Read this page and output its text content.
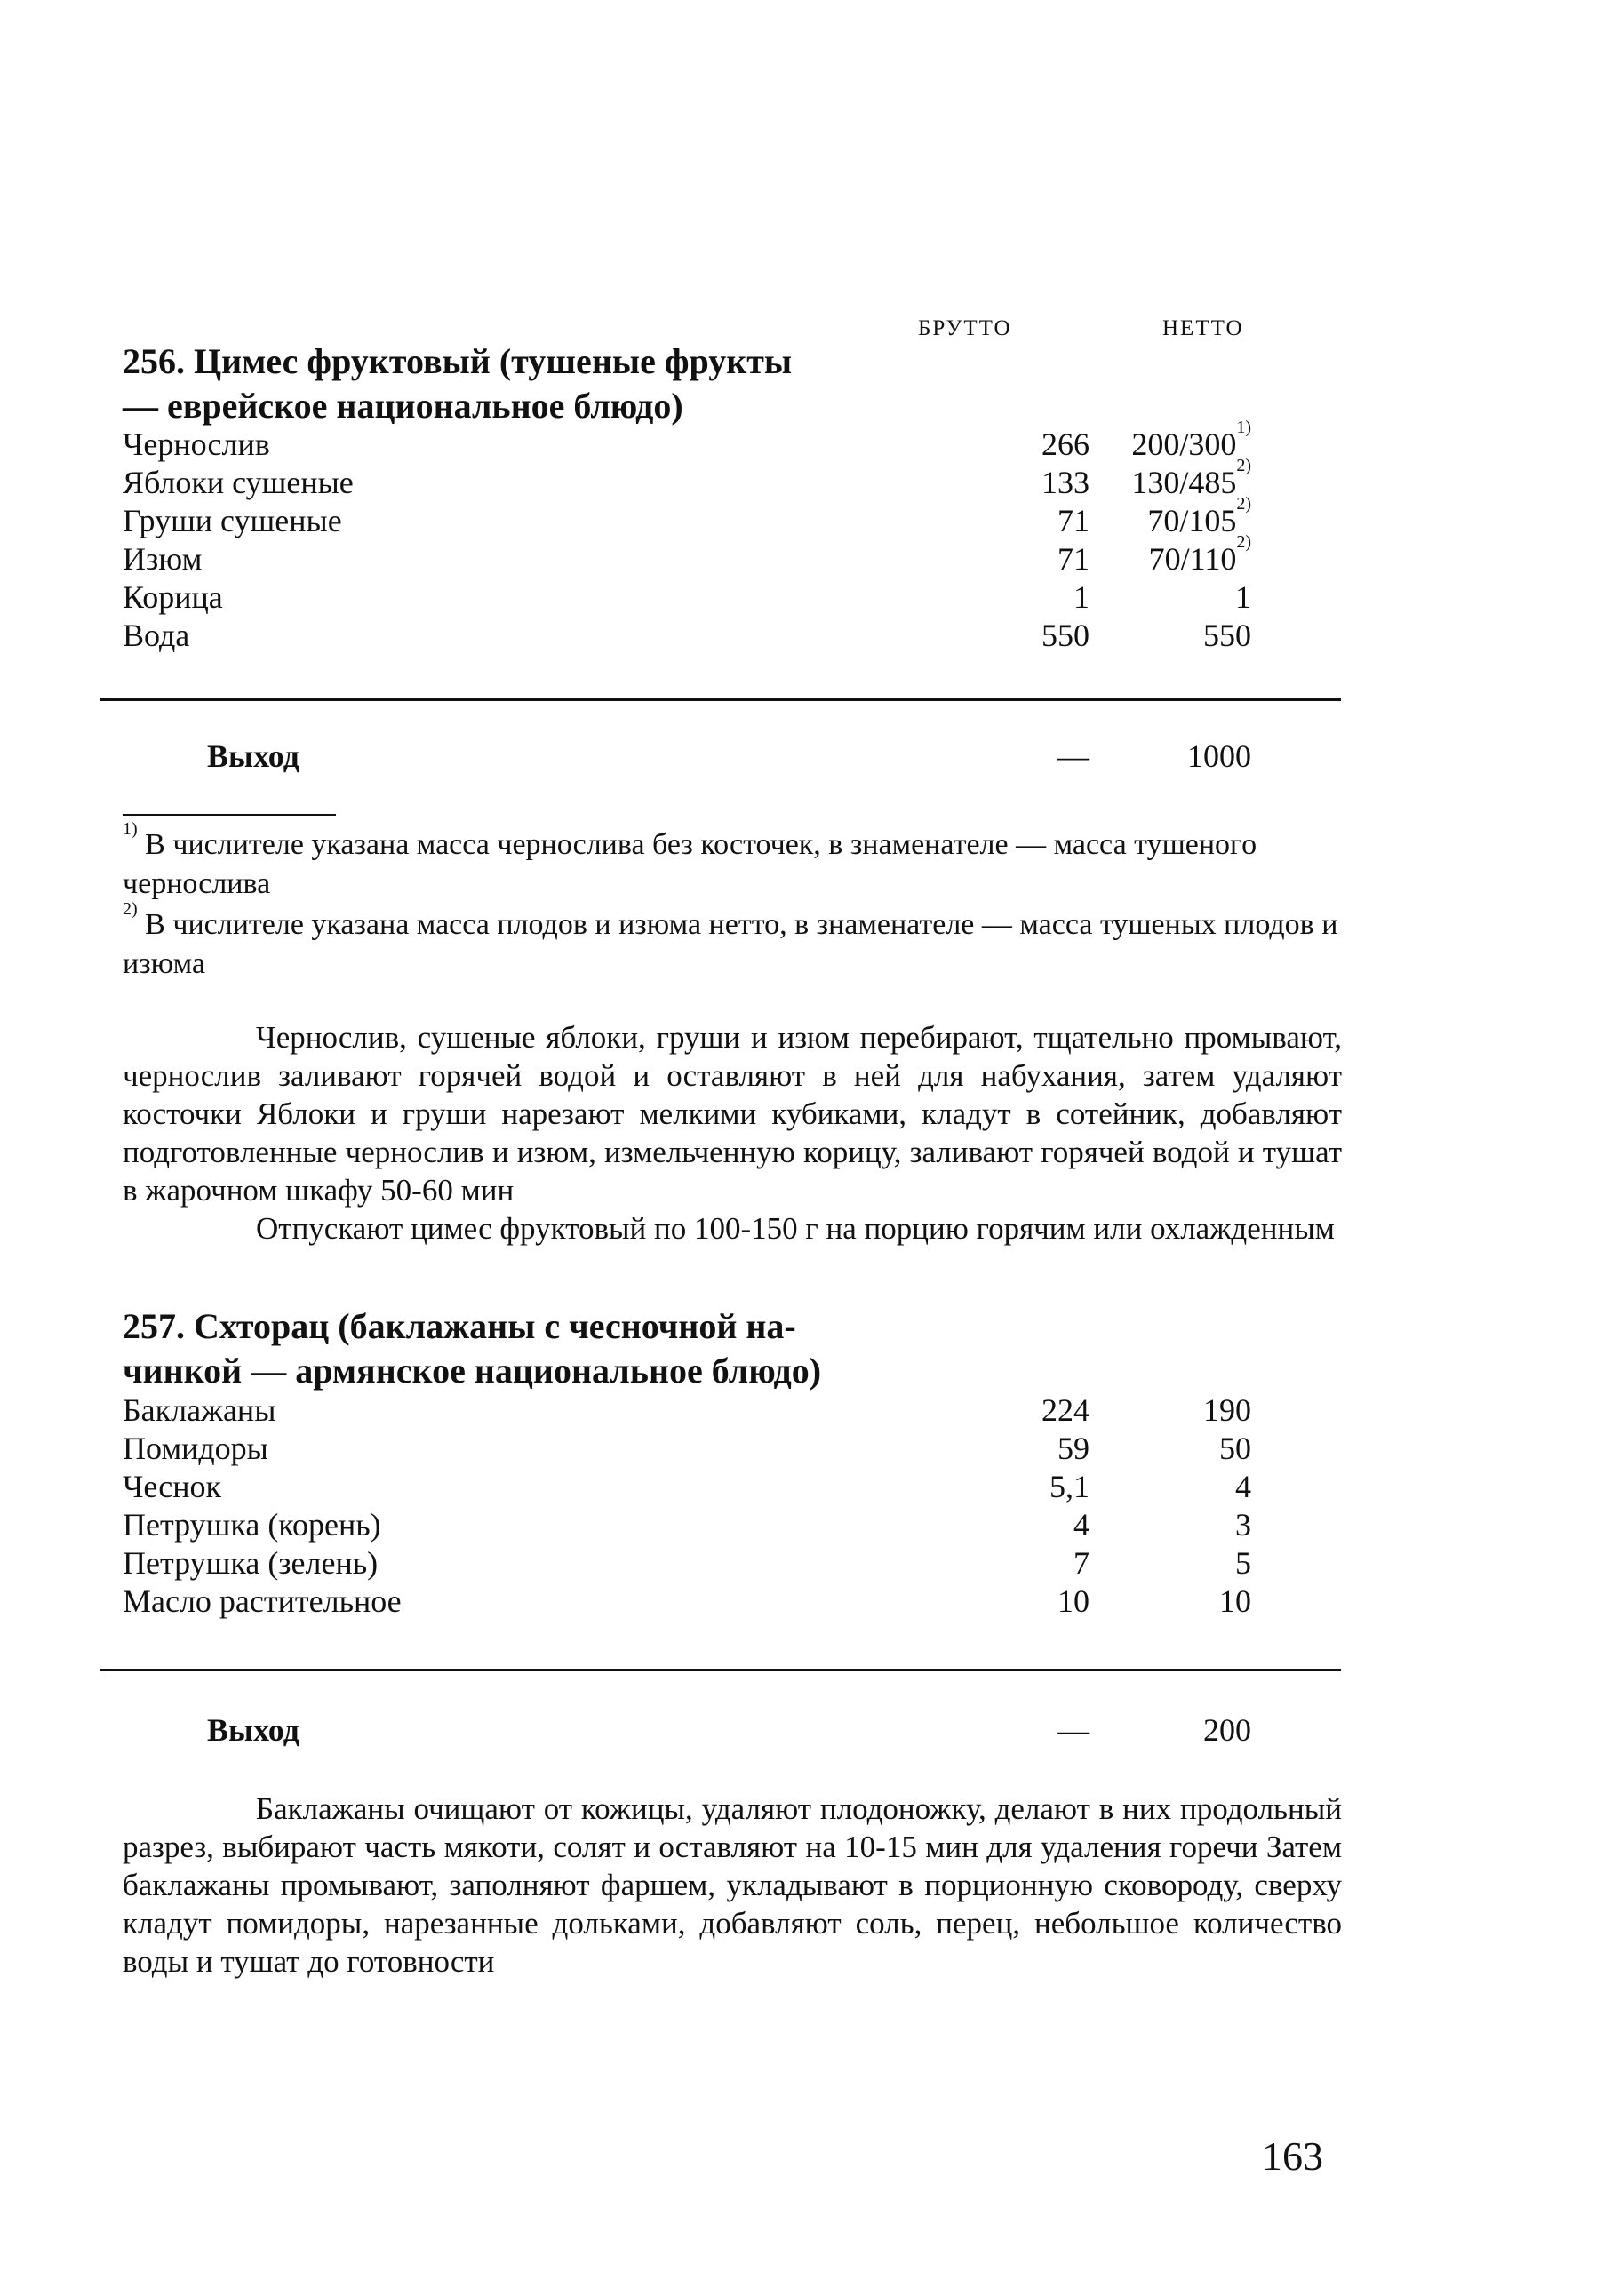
БРУТТО	НЕТТО
256. Цимес фруктовый (тушеные фрукты
— еврейское национальное блюдо)
Чернослив	266 200/300$^{1)}$
Яблоки сушеные	133 130/485$^{2)}$
Груши сушеные	71 70/105$^{2)}$
Изюм	71 70/110$^{2)}$
Корица	1	1
Вода	550	550
Выход	—	1000

$^{1)}$ В числителе указана масса чернослива без косточек, в знаменателе — масса тушеного чернослива

$^{2)}$ В числителе указана масса плодов и изюма нетто, в знаменателе — масса тушеных плодов и изюма

Чернослив, сушеные яблоки, груши и изюм перебирают, тщательно промывают, чернослив заливают горячей водой и оставляют в ней для набухания, затем удаляют косточки Яблоки и груши нарезают мелкими кубиками, кладут в сотейник, добавляют подготовленные чернослив и изюм, измельченную корицу, заливают горячей водой и тушат в жарочном шкафу 50-60 мин

Отпускают цимес фруктовый по 100-150 г на порцию горячим или охлажденным

257. Схторац (баклажаны с чесночной на-
чинкой — армянское национальное блюдо)
Баклажаны	224	190
Помидоры	59	50
Чеснок	5,1	4
Петрушка (корень)	4	3
Петрушка (зелень)	7	5
Масло растительное	10	10
Выход	—	200

Баклажаны очищают от кожицы, удаляют плодоножку, делают в них продольный разрез, выбирают часть мякоти, солят и оставляют на 10-15 мин для удаления горечи Затем баклажаны промывают, заполняют фаршем, укладывают в порционную сковороду, сверху кладут помидоры, нарезанные дольками, добавляют соль, перец, небольшое количество воды и тушат до готовности

163
